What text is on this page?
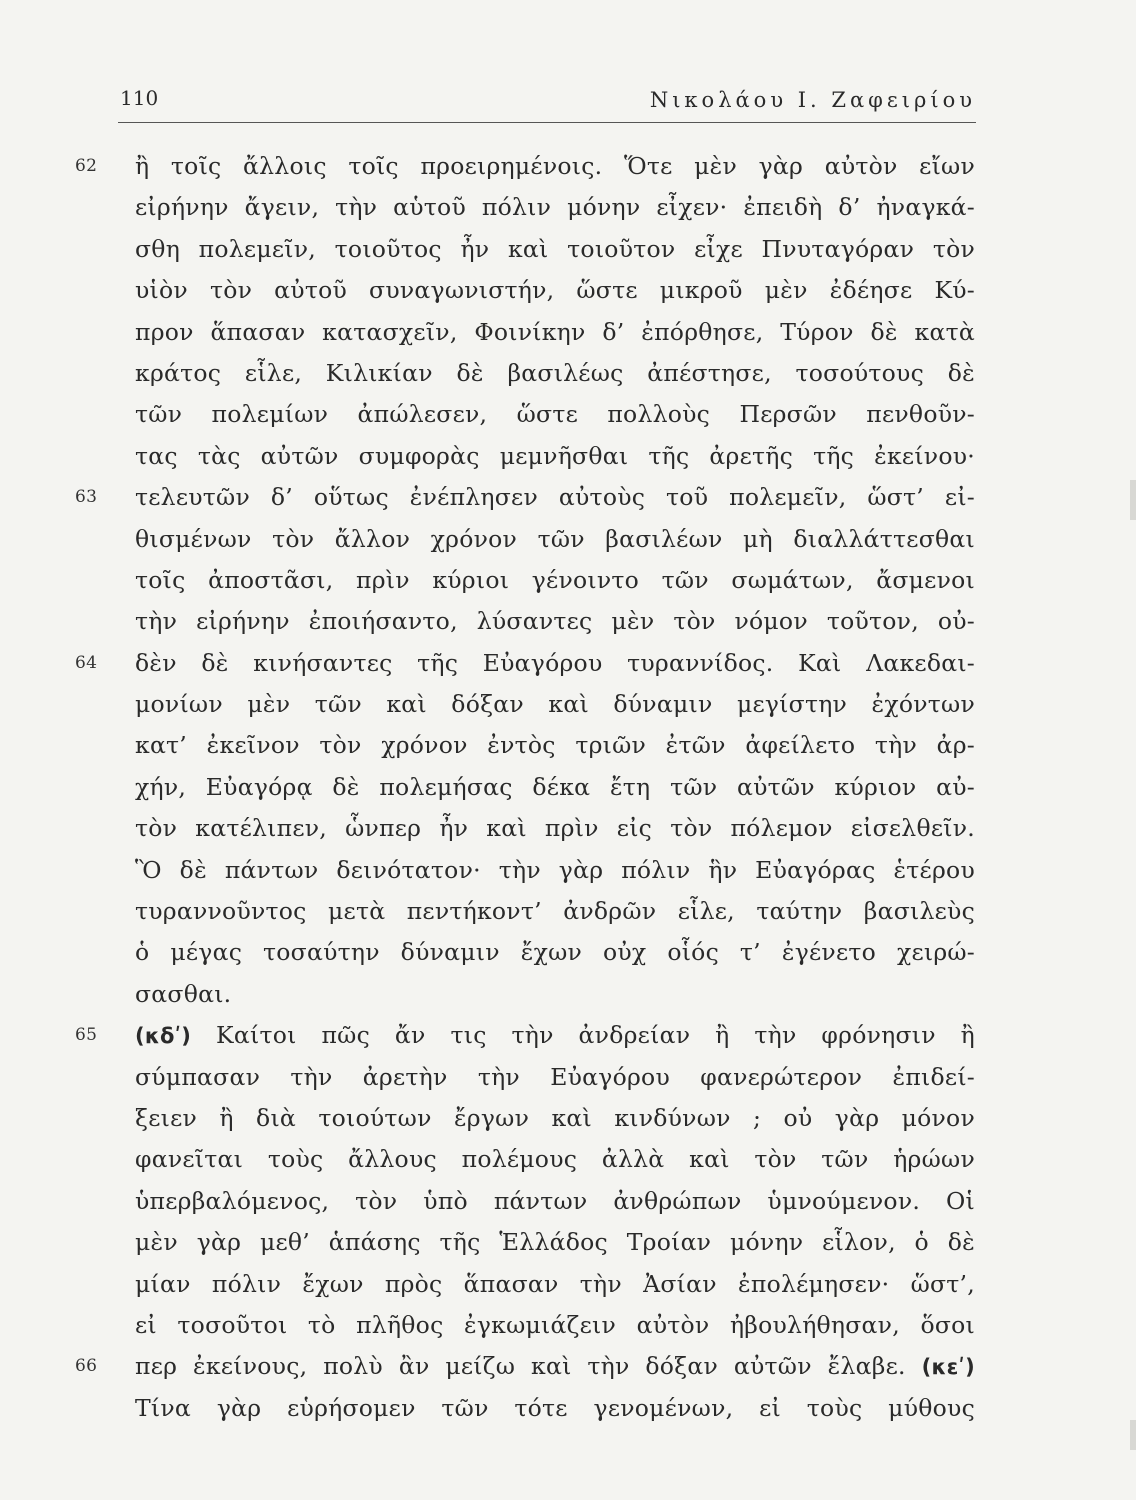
110	Νικολάου Ι. Ζαφειρίου
62 ἢ τοῖς ἄλλοις τοῖς προειρημένοις. Ὅτε μὲν γὰρ αὐτὸν εἴων
εἰρήνην ἄγειν, τὴν αὑτοῦ πόλιν μόνην εἶχεν· ἐπειδὴ δ’ ἠναγκά-
σθη πολεμεῖν, τοιοῦτος ἦν καὶ τοιοῦτον εἶχε Πνυταγόραν τὸν
υἱὸν τὸν αὐτοῦ συναγωνιστήν, ὥστε μικροῦ μὲν ἐδέησε Κύ-
προν ἅπασαν κατασχεῖν, Φοινίκην δ’ ἐπόρθησε, Τύρον δὲ κατὰ
κράτος εἷλε, Κιλικίαν δὲ βασιλέως ἀπέστησε, τοσούτους δὲ
τῶν πολεμίων ἀπώλεσεν, ὥστε πολλοὺς Περσῶν πενθοῦν-
τας τὰς αὐτῶν συμφορὰς μεμνῆσθαι τῆς ἀρετῆς τῆς ἐκείνου·
63 τελευτῶν δ’ οὕτως ἐνέπλησεν αὐτοὺς τοῦ πολεμεῖν, ὥστ’ εἰ-
θισμένων τὸν ἄλλον χρόνον τῶν βασιλέων μὴ διαλλάττεσθαι
τοῖς ἀποστᾶσι, πρὶν κύριοι γένοιντο τῶν σωμάτων, ἄσμενοι
τὴν εἰρήνην ἐποιήσαντο, λύσαντες μὲν τὸν νόμον τοῦτον, οὐ-
64 δὲν δὲ κινήσαντες τῆς Εὐαγόρου τυραννίδος. Καὶ Λακεδαι-
μονίων μὲν τῶν καὶ δόξαν καὶ δύναμιν μεγίστην ἐχόντων
κατ’ ἐκεῖνον τὸν χρόνον ἐντὸς τριῶν ἐτῶν ἀφείλετο τὴν ἀρ-
χήν, Εὐαγόρᾳ δὲ πολεμήσας δέκα ἔτη τῶν αὐτῶν κύριον αὐ-
τὸν κατέλιπεν, ὧνπερ ἦν καὶ πρὶν εἰς τὸν πόλεμον εἰσελθεῖν.
Ὃ δὲ πάντων δεινότατον· τὴν γὰρ πόλιν ἣν Εὐαγόρας ἑτέρου
τυραννοῦντος μετὰ πεντήκοντ’ ἀνδρῶν εἷλε, ταύτην βασιλεὺς
ὁ μέγας τοσαύτην δύναμιν ἔχων οὐχ οἷός τ’ ἐγένετο χειρώ-
σασθαι.
65 (κδʹ) Καίτοι πῶς ἄν τις τὴν ἀνδρείαν ἢ τὴν φρόνησιν ἢ
σύμπασαν τὴν ἀρετὴν τὴν Εὐαγόρου φανερώτερον ἐπιδεί-
ξειεν ἢ διὰ τοιούτων ἔργων καὶ κινδύνων ; οὐ γὰρ μόνον
φανεῖται τοὺς ἄλλους πολέμους ἀλλὰ καὶ τὸν τῶν ἡρώων
ὑπερβαλόμενος, τὸν ὑπὸ πάντων ἀνθρώπων ὑμνούμενον. Οἱ
μὲν γὰρ μεθ’ ἁπάσης τῆς Ἑλλάδος Τροίαν μόνην εἷλον, ὁ δὲ
μίαν πόλιν ἔχων πρὸς ἅπασαν τὴν Ἀσίαν ἐπολέμησεν· ὥστ’,
εἰ τοσοῦτοι τὸ πλῆθος ἐγκωμιάζειν αὐτὸν ἠβουλήθησαν, ὅσοι
66 περ ἐκείνους, πολὺ ἂν μείζω καὶ τὴν δόξαν αὐτῶν ἔλαβε. (κεʹ)
Τίνα γὰρ εὑρήσομεν τῶν τότε γενομένων, εἰ τοὺς μύθους
